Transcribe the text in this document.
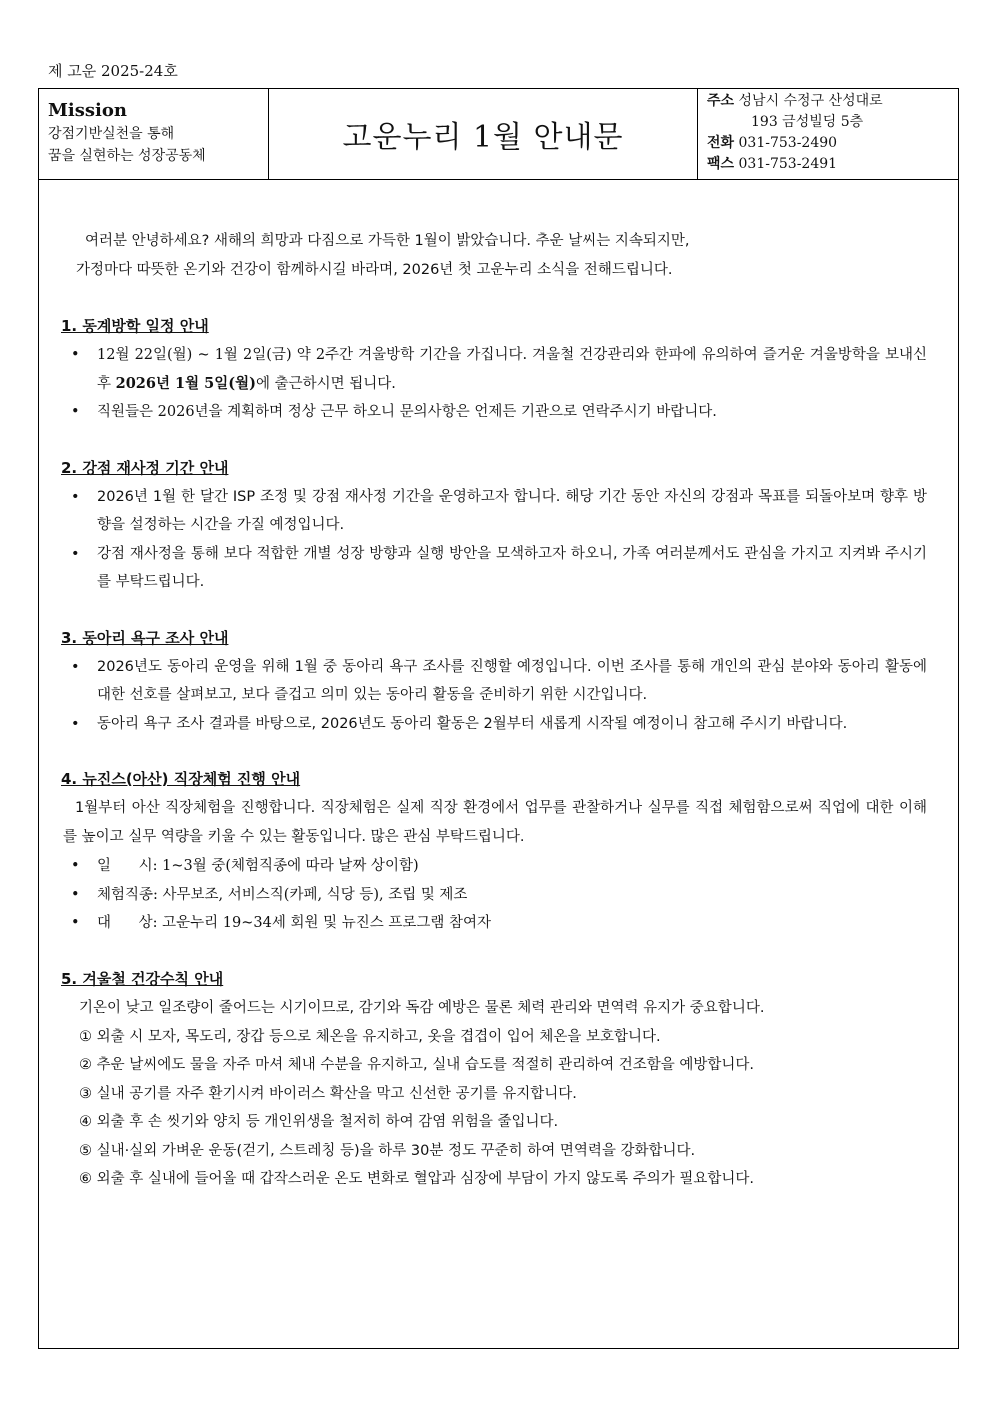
제 고운 2025-24호
Mission
강점기반실천을 통해
꿈을 실현하는 성장공동체
고운누리 1월 안내문
주소 성남시 수정구 산성대로
193 금성빌딩 5층
전화 031-753-2490
팩스 031-753-2491

여러분 안녕하세요? 새해의 희망과 다짐으로 가득한 1월이 밝았습니다. 추운 날씨는 지속되지만,

가정마다 따뜻한 온기와 건강이 함께하시길 바라며, 2026년 첫 고운누리 소식을 전해드립니다.

1. 동계방학 일정 안내
• 12월 22일(월) ~ 1월 2일(금) 약 2주간 겨울방학 기간을 가집니다. 겨울철 건강관리와 한파에 유의하여 즐거운 겨울방학을 보내신 후 2026년 1월 5일(월)에 출근하시면 됩니다.
• 직원들은 2026년을 계획하며 정상 근무 하오니 문의사항은 언제든 기관으로 연락주시기 바랍니다.
2. 강점 재사정 기간 안내
• 2026년 1월 한 달간 ISP 조정 및 강점 재사정 기간을 운영하고자 합니다. 해당 기간 동안 자신의 강점과 목표를 되돌아보며 향후 방향을 설정하는 시간을 가질 예정입니다.
• 강점 재사정을 통해 보다 적합한 개별 성장 방향과 실행 방안을 모색하고자 하오니, 가족 여러분께서도 관심을 가지고 지켜봐 주시기를 부탁드립니다.
3. 동아리 욕구 조사 안내
• 2026년도 동아리 운영을 위해 1월 중 동아리 욕구 조사를 진행할 예정입니다. 이번 조사를 통해 개인의 관심 분야와 동아리 활동에 대한 선호를 살펴보고, 보다 즐겁고 의미 있는 동아리 활동을 준비하기 위한 시간입니다.
• 동아리 욕구 조사 결과를 바탕으로, 2026년도 동아리 활동은 2월부터 새롭게 시작될 예정이니 참고해 주시기 바랍니다.
4. 뉴진스(아산) 직장체험 진행 안내

1월부터 아산 직장체험을 진행합니다. 직장체험은 실제 직장 환경에서 업무를 관찰하거나 실무를 직접 체험함으로써 직업에 대한 이해를 높이고 실무 역량을 키울 수 있는 활동입니다. 많은 관심 부탁드립니다.

• 일      시: 1~3월 중(체험직종에 따라 날짜 상이함)
• 체험직종: 사무보조, 서비스직(카페, 식당 등), 조립 및 제조
• 대      상: 고운누리 19~34세 회원 및 뉴진스 프로그램 참여자
5. 겨울철 건강수칙 안내

기온이 낮고 일조량이 줄어드는 시기이므로, 감기와 독감 예방은 물론 체력 관리와 면역력 유지가 중요합니다.

① 외출 시 모자, 목도리, 장갑 등으로 체온을 유지하고, 옷을 겹겹이 입어 체온을 보호합니다.
② 추운 날씨에도 물을 자주 마셔 체내 수분을 유지하고, 실내 습도를 적절히 관리하여 건조함을 예방합니다.
③ 실내 공기를 자주 환기시켜 바이러스 확산을 막고 신선한 공기를 유지합니다.
④ 외출 후 손 씻기와 양치 등 개인위생을 철저히 하여 감염 위험을 줄입니다.
⑤ 실내·실외 가벼운 운동(걷기, 스트레칭 등)을 하루 30분 정도 꾸준히 하여 면역력을 강화합니다.
⑥ 외출 후 실내에 들어올 때 갑작스러운 온도 변화로 혈압과 심장에 부담이 가지 않도록 주의가 필요합니다.
